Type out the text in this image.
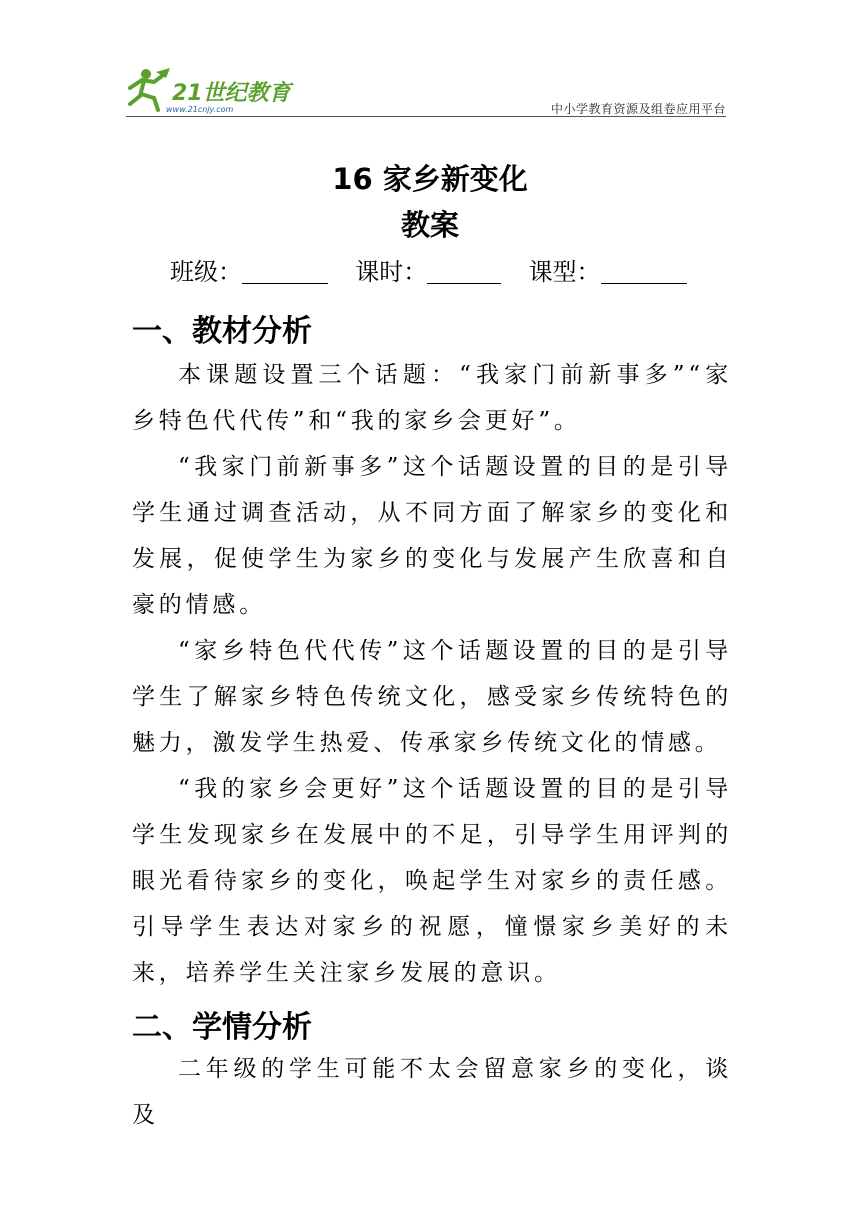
21世纪教育
www.21cnjy.com	中小学教育资源及组卷应用平台
16 家乡新变化
教案
班级：	课时：	课型：
一、教材分析

本课题设置三个话题：“我家门前新事多”“家乡特色代代传”和“我的家乡会更好”。

“我家门前新事多”这个话题设置的目的是引导学生通过调查活动，从不同方面了解家乡的变化和发展，促使学生为家乡的变化与发展产生欣喜和自豪的情感。

“家乡特色代代传”这个话题设置的目的是引导学生了解家乡特色传统文化，感受家乡传统特色的魅力，激发学生热爱、传承家乡传统文化的情感。

“我的家乡会更好”这个话题设置的目的是引导学生发现家乡在发展中的不足，引导学生用评判的眼光看待家乡的变化，唤起学生对家乡的责任感。引导学生表达对家乡的祝愿，憧憬家乡美好的未来，培养学生关注家乡发展的意识。

二、学情分析

二年级的学生可能不太会留意家乡的变化，谈及
